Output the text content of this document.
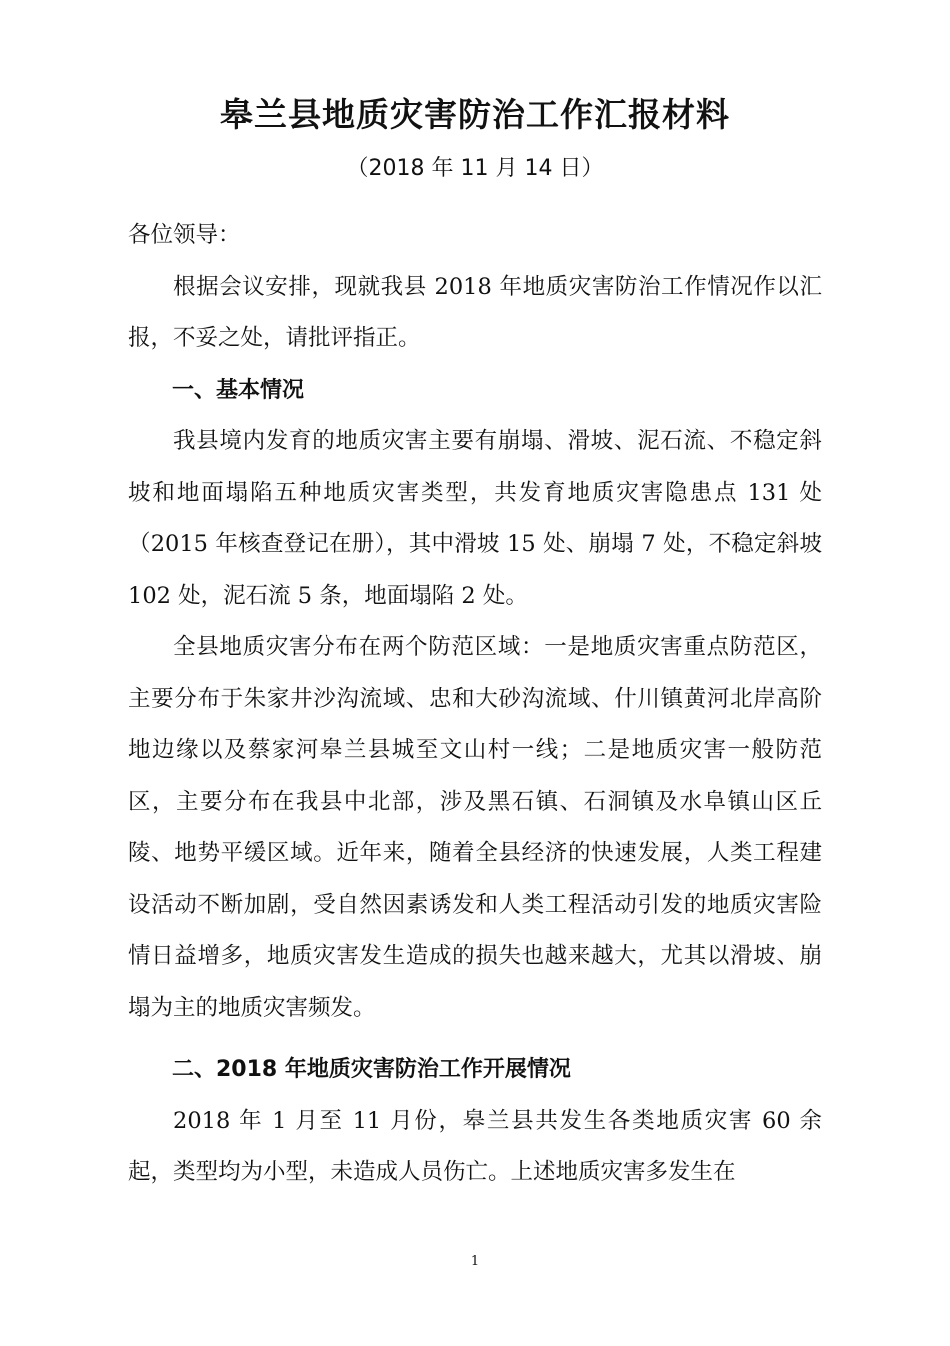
皋兰县地质灾害防治工作汇报材料
（2018 年 11 月 14 日）

各位领导：

根据会议安排，现就我县 2018 年地质灾害防治工作情况作以汇报，不妥之处，请批评指正。

一、基本情况

我县境内发育的地质灾害主要有崩塌、滑坡、泥石流、不稳定斜坡和地面塌陷五种地质灾害类型，共发育地质灾害隐患点 131 处（2015 年核查登记在册），其中滑坡 15 处、崩塌 7 处，不稳定斜坡 102 处，泥石流 5 条，地面塌陷 2 处。

全县地质灾害分布在两个防范区域：一是地质灾害重点防范区，主要分布于朱家井沙沟流域、忠和大砂沟流域、什川镇黄河北岸高阶地边缘以及蔡家河皋兰县城至文山村一线；二是地质灾害一般防范区，主要分布在我县中北部，涉及黑石镇、石洞镇及水阜镇山区丘陵、地势平缓区域。近年来，随着全县经济的快速发展，人类工程建设活动不断加剧，受自然因素诱发和人类工程活动引发的地质灾害险情日益增多，地质灾害发生造成的损失也越来越大，尤其以滑坡、崩塌为主的地质灾害频发。

二、2018 年地质灾害防治工作开展情况

2018 年 1 月至 11 月份，皋兰县共发生各类地质灾害 60 余起，类型均为小型，未造成人员伤亡。上述地质灾害多发生在

1
